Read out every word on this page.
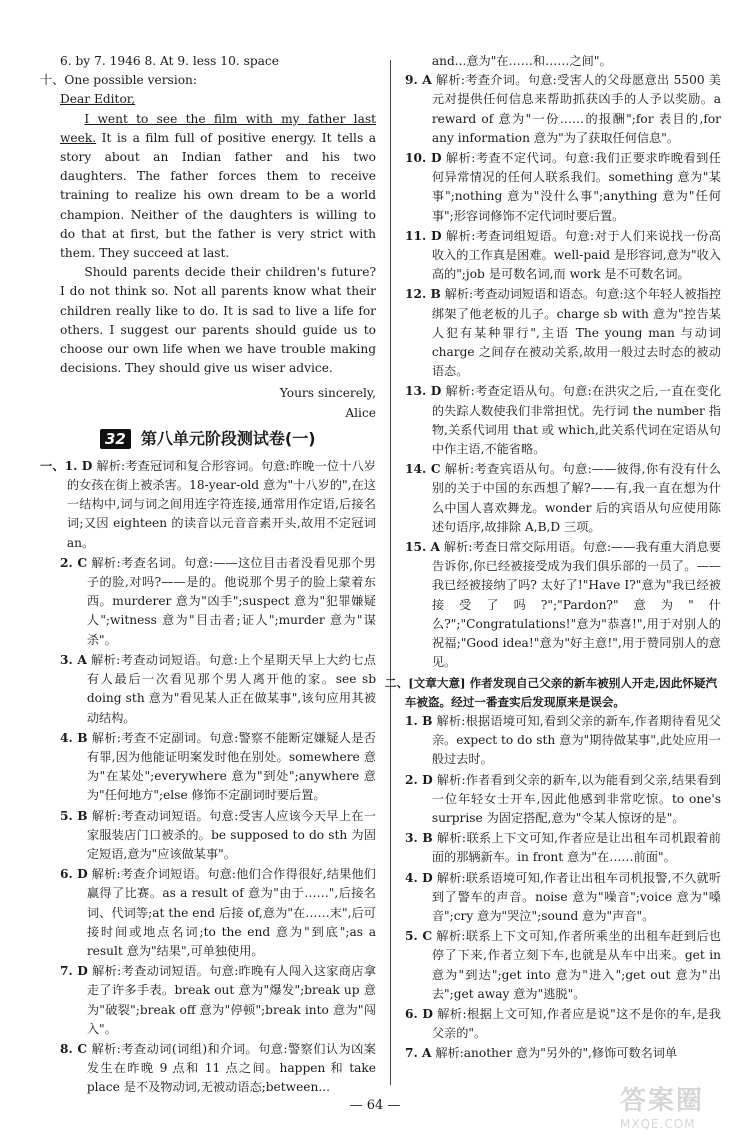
6. by 7. 1946 8. At 9. less 10. space

十、One possible version:

Dear Editor,

I went to see the film with my father last week. It is a film full of positive energy. It tells a story about an Indian father and his two daughters. The father forces them to receive training to realize his own dream to be a world champion. Neither of the daughters is willing to do that at first, but the father is very strict with them. They succeed at last.

Should parents decide their children's future? I do not think so. Not all parents know what their children really like to do. It is sad to live a life for others. I suggest our parents should guide us to choose our own life when we have trouble making decisions. They should give us wiser advice.

Yours sincerely,

Alice

32 第八单元阶段测试卷(一)

一、1. D 解析:考查冠词和复合形容词。句意:昨晚一位十八岁的女孩在街上被杀害。18-year-old 意为"十八岁的",在这一结构中,词与词之间用连字符连接,通常用作定语,后接名词;又因 eighteen 的读音以元音音素开头,故用不定冠词 an。

2. C 解析:考查名词。句意:——这位目击者没看见那个男子的脸,对吗?——是的。他说那个男子的脸上蒙着东西。murderer 意为"凶手";suspect 意为"犯罪嫌疑人";witness 意为"目击者;证人";murder 意为"谋杀"。

3. A 解析:考查动词短语。句意:上个星期天早上大约七点有人最后一次看见那个男人离开他的家。see sb doing sth 意为"看见某人正在做某事",该句应用其被动结构。

4. B 解析:考查不定副词。句意:警察不能断定嫌疑人是否有罪,因为他能证明案发时他在别处。somewhere 意为"在某处";everywhere 意为"到处";anywhere 意为"任何地方";else 修饰不定副词时要后置。

5. B 解析:考查动词短语。句意:受害人应该今天早上在一家服装店门口被杀的。be supposed to do sth 为固定短语,意为"应该做某事"。

6. D 解析:考查介词短语。句意:他们合作得很好,结果他们赢得了比赛。as a result of 意为"由于……",后接名词、代词等;at the end 后接 of,意为"在……末",后可接时间或地点名词;to the end 意为"到底";as a result 意为"结果",可单独使用。

7. D 解析:考查动词短语。句意:昨晚有人闯入这家商店拿走了许多手表。break out 意为"爆发";break up 意为"破裂";break off 意为"停顿";break into 意为"闯入"。

8. C 解析:考查动词(词组)和介词。句意:警察们认为凶案发生在昨晚 9 点和 11 点之间。happen 和 take place 是不及物动词,无被动语态;between...

and...意为"在……和……之间"。

9. A 解析:考查介词。句意:受害人的父母愿意出 5500 美元对提供任何信息来帮助抓获凶手的人予以奖励。a reward of 意为"一份……的报酬";for 表目的,for any information 意为"为了获取任何信息"。

10. D 解析:考查不定代词。句意:我们正要求昨晚看到任何异常情况的任何人联系我们。something 意为"某事";nothing 意为"没什么事";anything 意为"任何事";形容词修饰不定代词时要后置。

11. D 解析:考查词组短语。句意:对于人们来说找一份高收入的工作真是困难。well-paid 是形容词,意为"收入高的";job 是可数名词,而 work 是不可数名词。

12. B 解析:考查动词短语和语态。句意:这个年轻人被指控绑架了他老板的儿子。charge sb with 意为"控告某人犯有某种罪行",主语 The young man 与动词 charge 之间存在被动关系,故用一般过去时态的被动语态。

13. D 解析:考查定语从句。句意:在洪灾之后,一直在变化的失踪人数使我们非常担忧。先行词 the number 指物,关系代词用 that 或 which,此关系代词在定语从句中作主语,不能省略。

14. C 解析:考查宾语从句。句意:——彼得,你有没有什么别的关于中国的东西想了解?——有,我一直在想为什么中国人喜欢舞龙。wonder 后的宾语从句应使用陈述句语序,故排除 A,B,D 三项。

15. A 解析:考查日常交际用语。句意:——我有重大消息要告诉你,你已经被接受成为我们俱乐部的一员了。——我已经被接纳了吗? 太好了!"Have I?"意为"我已经被接受了吗?";"Pardon?"意为"什么?";"Congratulations!"意为"恭喜!",用于对别人的祝福;"Good idea!"意为"好主意!",用于赞同别人的意见。

二、[文章大意] 作者发现自己父亲的新车被别人开走,因此怀疑汽车被盗。经过一番查实后发现原来是误会。

1. B 解析:根据语境可知,看到父亲的新车,作者期待看见父亲。expect to do sth 意为"期待做某事",此处应用一般过去时。

2. D 解析:作者看到父亲的新车,以为能看到父亲,结果看到一位年轻女士开车,因此他感到非常吃惊。to one's surprise 为固定搭配,意为"令某人惊讶的是"。

3. B 解析:联系上下文可知,作者应是让出租车司机跟着前面的那辆新车。in front 意为"在……前面"。

4. D 解析:联系语境可知,作者让出租车司机报警,不久就听到了警车的声音。noise 意为"噪音";voice 意为"嗓音";cry 意为"哭泣";sound 意为"声音"。

5. C 解析:联系上下文可知,作者所乘坐的出租车赶到后也停了下来,作者立刻下车,也就是从车中出来。get in 意为"到达";get into 意为"进入";get out 意为"出去";get away 意为"逃脱"。

6. D 解析:根据上文可知,作者应是说"这不是你的车,是我父亲的"。

7. A 解析:another 意为"另外的",修饰可数名词单

— 64 —	答案圈
MXQE.COM
